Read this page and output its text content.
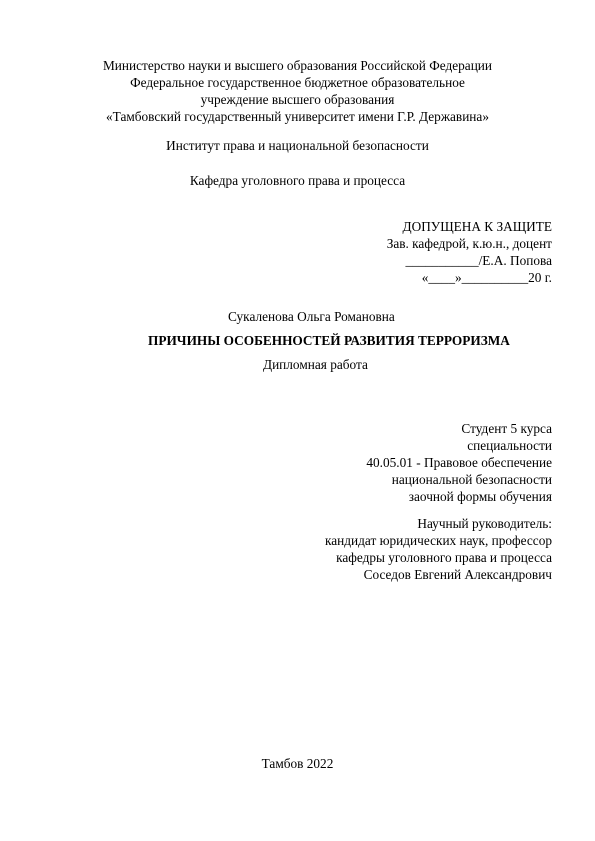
Министерство науки и высшего образования Российской Федерации
Федеральное государственное бюджетное образовательное
учреждение высшего образования
«Тамбовский государственный университет имени Г.Р. Державина»
Институт права и национальной безопасности
Кафедра уголовного права и процесса
ДОПУЩЕНА К ЗАЩИТЕ
Зав. кафедрой, к.ю.н., доцент
___________/Е.А. Попова
«____»__________20 г.
Сукаленова Ольга Романовна
ПРИЧИНЫ ОСОБЕННОСТЕЙ РАЗВИТИЯ ТЕРРОРИЗМА
Дипломная работа
Студент 5 курса
специальности
40.05.01 - Правовое обеспечение
национальной безопасности
заочной формы обучения
Научный руководитель:
кандидат юридических наук, профессор
кафедры уголовного права и процесса
Соседов Евгений Александрович
Тамбов 2022
